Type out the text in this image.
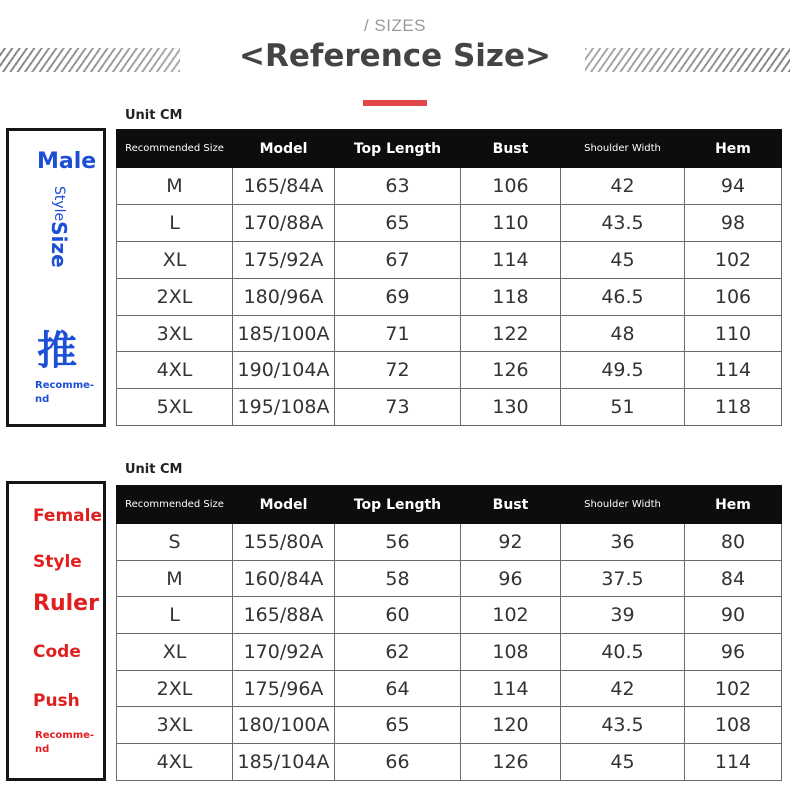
/ SIZES
<Reference Size>
Unit CM
Male
StyleSize
推
Recomme-nd
Recommended Size	Model	Top Length	Bust	Shoulder Width	Hem
M	165/84A	63	106	42	94
L	170/88A	65	110	43.5	98
XL	175/92A	67	114	45	102
2XL	180/96A	69	118	46.5	106
3XL	185/100A	71	122	48	110
4XL	190/104A	72	126	49.5	114
5XL	195/108A	73	130	51	118
Unit CM
Female
Style
Ruler
Code
Push
Recomme-nd
Recommended Size	Model	Top Length	Bust	Shoulder Width	Hem
S	155/80A	56	92	36	80
M	160/84A	58	96	37.5	84
L	165/88A	60	102	39	90
XL	170/92A	62	108	40.5	96
2XL	175/96A	64	114	42	102
3XL	180/100A	65	120	43.5	108
4XL	185/104A	66	126	45	114
